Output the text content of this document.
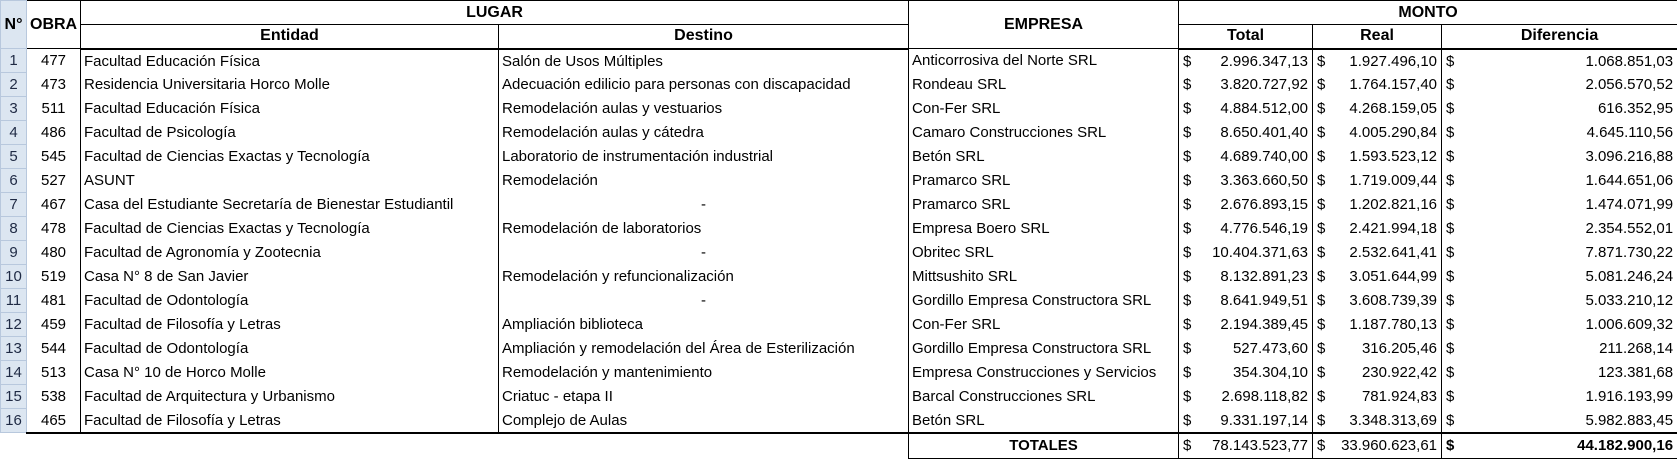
N°	OBRA	LUGAR		EMPRESA	MONTO		
		Entidad	Destino		Total	Real	Diferencia
1	477	Facultad Educación Física	Salón de Usos Múltiples	Anticorrosiva del Norte SRL	$ 2.996.347,13	$ 1.927.496,10	$ 1.068.851,03

2	473	Residencia Universitaria Horco Molle	Adecuación edilicio para personas con discapacidad	Rondeau SRL	$ 3.820.727,92	$ 1.764.157,40	$ 2.056.570,52

3	511	Facultad Educación Física	Remodelación aulas y vestuarios	Con-Fer SRL	$ 4.884.512,00	$ 4.268.159,05	$ 616.352,95

4	486	Facultad de Psicología	Remodelación aulas y cátedra	Camaro Construcciones SRL	$ 8.650.401,40	$ 4.005.290,84	$ 4.645.110,56

5	545	Facultad de Ciencias Exactas y Tecnología	Laboratorio de instrumentación industrial	Betón SRL	$ 4.689.740,00	$ 1.593.523,12	$ 3.096.216,88

6	527	ASUNT	Remodelación	Pramarco SRL	$ 3.363.660,50	$ 1.719.009,44	$ 1.644.651,06

7	467	Casa del Estudiante Secretaría de Bienestar Estudiantil	-	Pramarco SRL	$ 2.676.893,15	$ 1.202.821,16	$ 1.474.071,99

8	478	Facultad de Ciencias Exactas y Tecnología	Remodelación de laboratorios	Empresa Boero SRL	$ 4.776.546,19	$ 2.421.994,18	$ 2.354.552,01

9	480	Facultad de Agronomía y Zootecnia	-	Obritec SRL	$ 10.404.371,63	$ 2.532.641,41	$ 7.871.730,22

10	519	Casa N° 8 de San Javier	Remodelación y refuncionalización	Mittsushito SRL	$ 8.132.891,23	$ 3.051.644,99	$ 5.081.246,24

11	481	Facultad de Odontología	-	Gordillo Empresa Constructora SRL	$ 8.641.949,51	$ 3.608.739,39	$ 5.033.210,12

12	459	Facultad de Filosofía y Letras	Ampliación biblioteca	Con-Fer SRL	$ 2.194.389,45	$ 1.187.780,13	$ 1.006.609,32

13	544	Facultad de Odontología	Ampliación y remodelación del Área de Esterilización	Gordillo Empresa Constructora SRL	$ 527.473,60	$ 316.205,46	$ 211.268,14

14	513	Casa N° 10 de Horco Molle	Remodelación y mantenimiento	Empresa Construcciones y Servicios	$ 354.304,10	$ 230.922,42	$ 123.381,68

15	538	Facultad de Arquitectura y Urbanismo	Criatuc - etapa II	Barcal Construcciones SRL	$ 2.698.118,82	$ 781.924,83	$ 1.916.193,99

16	465	Facultad de Filosofía y Letras	Complejo de Aulas	Betón SRL	$ 9.331.197,14	$ 3.348.313,69	$ 5.982.883,45

				TOTALES	$ 78.143.523,77	$ 33.960.623,61	$ 44.182.900,16
